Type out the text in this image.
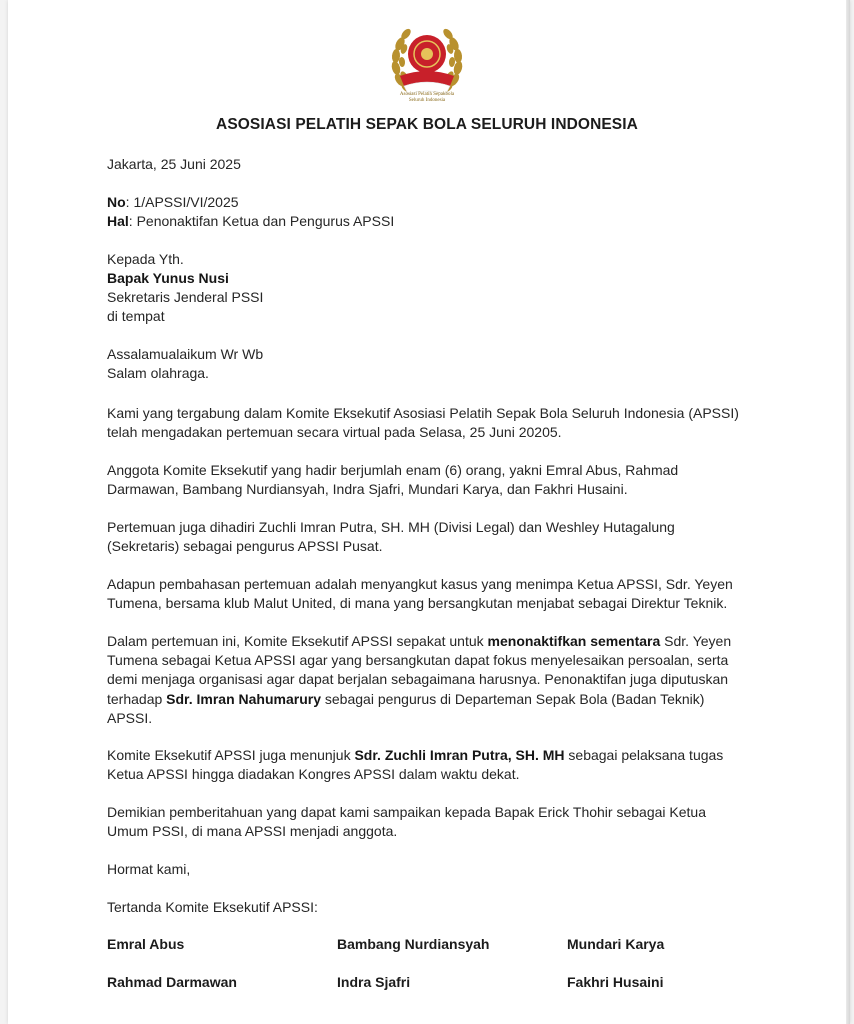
Asosiasi Pelatih Sepakbola
Seluruh Indonesia
ASOSIASI PELATIH SEPAK BOLA SELURUH INDONESIA
Jakarta, 25 Juni 2025
No: 1/APSSI/VI/2025
Hal: Penonaktifan Ketua dan Pengurus APSSI
Kepada Yth.
Bapak Yunus Nusi
Sekretaris Jenderal PSSI
di tempat
Assalamualaikum Wr Wb
Salam olahraga.
Kami yang tergabung dalam Komite Eksekutif Asosiasi Pelatih Sepak Bola Seluruh Indonesia (APSSI)
telah mengadakan pertemuan secara virtual pada Selasa, 25 Juni 20205.
Anggota Komite Eksekutif yang hadir berjumlah enam (6) orang, yakni Emral Abus, Rahmad
Darmawan, Bambang Nurdiansyah, Indra Sjafri, Mundari Karya, dan Fakhri Husaini.
Pertemuan juga dihadiri Zuchli Imran Putra, SH. MH (Divisi Legal) dan Weshley Hutagalung
(Sekretaris) sebagai pengurus APSSI Pusat.
Adapun pembahasan pertemuan adalah menyangkut kasus yang menimpa Ketua APSSI, Sdr. Yeyen
Tumena, bersama klub Malut United, di mana yang bersangkutan menjabat sebagai Direktur Teknik.
Dalam pertemuan ini, Komite Eksekutif APSSI sepakat untuk menonaktifkan sementara Sdr. Yeyen
Tumena sebagai Ketua APSSI agar yang bersangkutan dapat fokus menyelesaikan persoalan, serta
demi menjaga organisasi agar dapat berjalan sebagaimana harusnya. Penonaktifan juga diputuskan
terhadap Sdr. Imran Nahumarury sebagai pengurus di Departeman Sepak Bola (Badan Teknik)
APSSI.
Komite Eksekutif APSSI juga menunjuk Sdr. Zuchli Imran Putra, SH. MH sebagai pelaksana tugas
Ketua APSSI hingga diadakan Kongres APSSI dalam waktu dekat.
Demikian pemberitahuan yang dapat kami sampaikan kepada Bapak Erick Thohir sebagai Ketua
Umum PSSI, di mana APSSI menjadi anggota.
Hormat kami,
Tertanda Komite Eksekutif APSSI:
Emral Abus	Bambang Nurdiansyah	Mundari Karya
Rahmad Darmawan	Indra Sjafri	Fakhri Husaini
